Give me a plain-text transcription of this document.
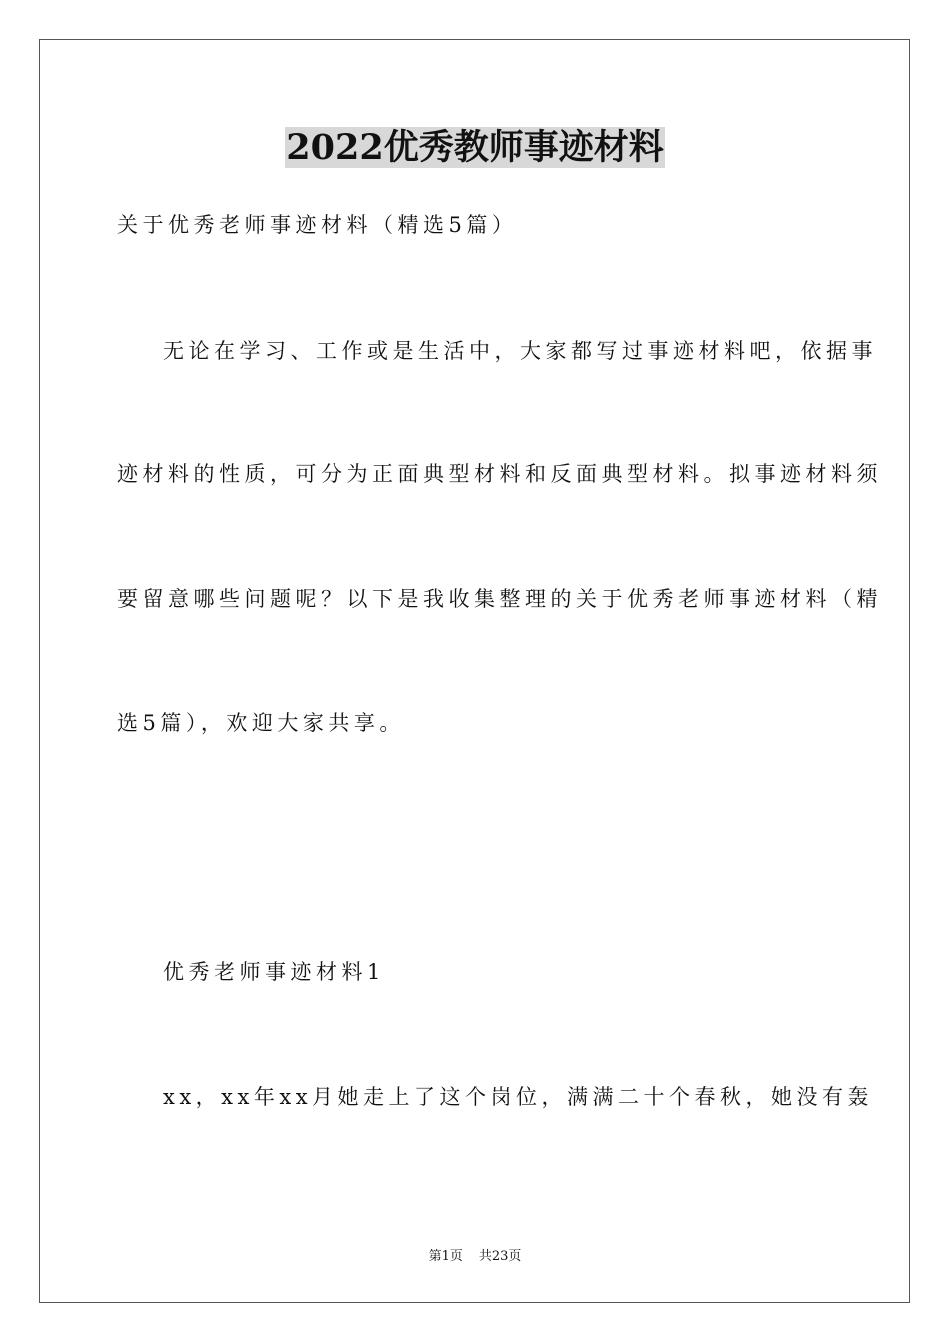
2022优秀教师事迹材料
关于优秀老师事迹材料（精选5篇）
无论在学习、工作或是生活中，大家都写过事迹材料吧，依据事
迹材料的性质，可分为正面典型材料和反面典型材料。拟事迹材料须
要留意哪些问题呢？以下是我收集整理的关于优秀老师事迹材料（精
选5篇），欢迎大家共享。
优秀老师事迹材料1
xx，xx年xx月她走上了这个岗位，满满二十个春秋，她没有轰
第1页 共23页
